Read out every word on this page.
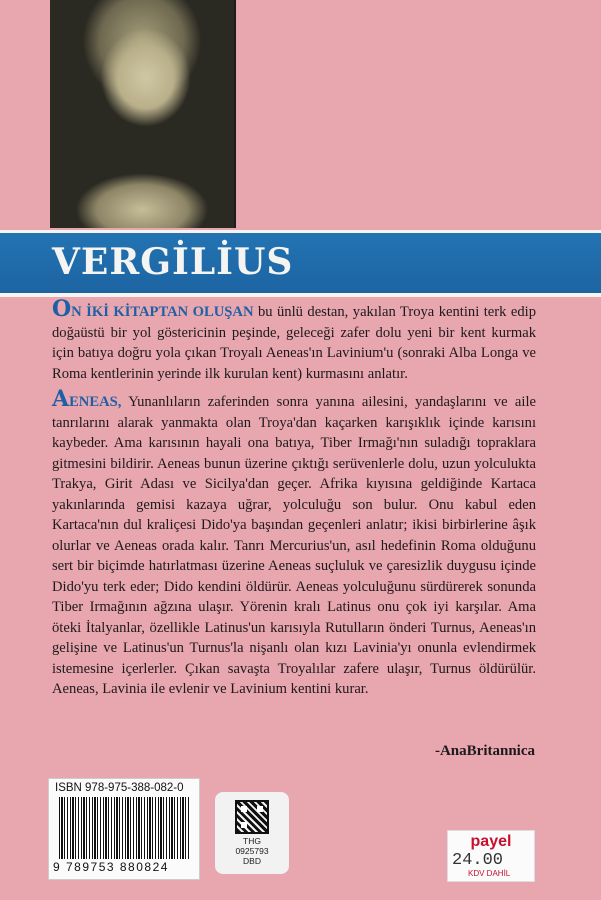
VERGİLİUS

ON İKİ KİTAPTAN OLUŞAN bu ünlü destan, yakılan Troya kentini terk edip doğaüstü bir yol göstericinin peşinde, geleceği zafer dolu yeni bir kent kurmak için batıya doğru yola çıkan Troyalı Aeneas'ın Lavinium'u (sonraki Alba Longa ve Roma kentlerinin yerinde ilk kurulan kent) kurmasını anlatır.

AENEAS, Yunanlıların zaferinden sonra yanına ailesini, yandaşlarını ve aile tanrılarını alarak yanmakta olan Troya'dan kaçarken karışıklık içinde karısını kaybeder. Ama karısının hayali ona batıya, Tiber Irmağı'nın suladığı topraklara gitmesini bildirir. Aeneas bunun üzerine çıktığı serüvenlerle dolu, uzun yolculukta Trakya, Girit Adası ve Sicilya'dan geçer. Afrika kıyısına geldiğinde Kartaca yakınlarında gemisi kazaya uğrar, yolculuğu son bulur. Onu kabul eden Kartaca'nın dul kraliçesi Dido'ya başından geçenleri anlatır; ikisi birbirlerine âşık olurlar ve Aeneas orada kalır. Tanrı Mercurius'un, asıl hedefinin Roma olduğunu sert bir biçimde hatırlatması üzerine Aeneas suçluluk ve çaresizlik duygusu içinde Dido'yu terk eder; Dido kendini öldürür. Aeneas yolculuğunu sürdürerek sonunda Tiber Irmağının ağzına ulaşır. Yörenin kralı Latinus onu çok iyi karşılar. Ama öteki İtalyanlar, özellikle Latinus'un karısıyla Rutulların önderi Turnus, Aeneas'ın gelişine ve Latinus'un Turnus'la nişanlı olan kızı Lavinia'yı onunla evlendirmek istemesine içerlerler. Çıkan savaşta Troyalılar zafere ulaşır, Turnus öldürülür. Aeneas, Lavinia ile evlenir ve Lavinium kentini kurar.

-AnaBritannica
ISBN 978-975-388-082-0
9 789753 880824
THG
0925793
DBD
payel
24.00
KDV DAHİL
